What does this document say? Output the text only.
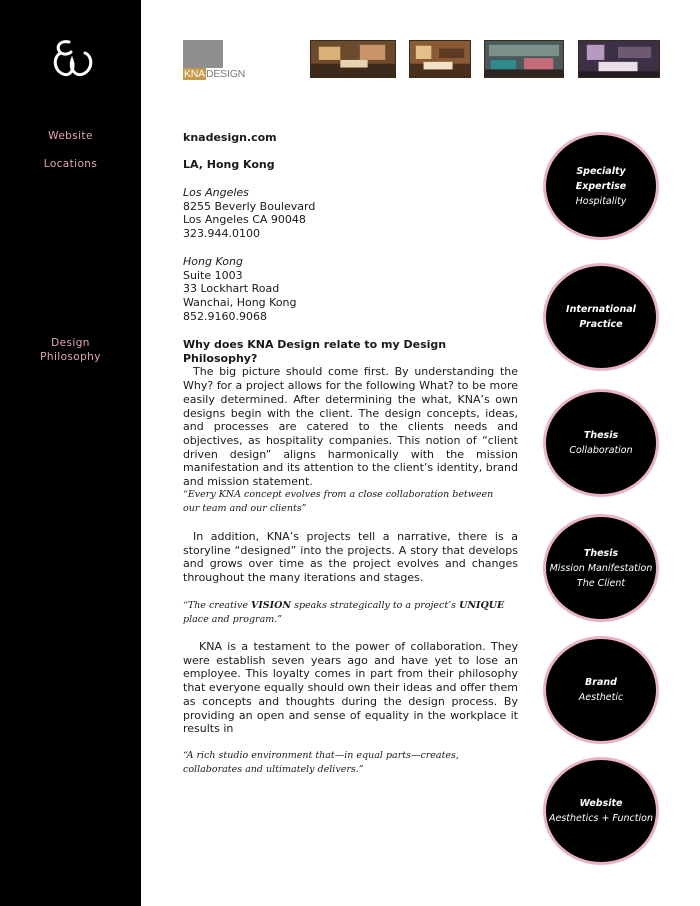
Website
Locations
Design
Philosophy
KNADESIGN
knadesign.com
LA, Hong Kong
Los Angeles
8255 Beverly Boulevard
Los Angeles CA 90048
323.944.0100
Hong Kong
Suite 1003
33 Lockhart Road
Wanchai, Hong Kong
852.9160.9068
Why does KNA Design relate to my Design Philosophy?

The big picture should come first. By understanding the Why? for a project allows for the following What? to be more easily determined. After determining the what, KNA’s own designs begin with the client. The design concepts, ideas, and processes are catered to the clients needs and objectives, as hospitality companies. This notion of “client driven design” aligns harmonically with the mission manifestation and its attention to the client’s identity, brand and mission statement.

“Every KNA concept evolves from a close collaboration between our team and our clients”

In addition, KNA’s projects tell a narrative, there is a storyline “designed” into the projects. A story that develops and grows over time as the project evolves and changes throughout the many iterations and stages.

“The creative VISION speaks strategically to a project’s UNIQUE place and program.”

KNA is a testament to the power of collaboration. They were establish seven years ago and have yet to lose an employee. This loyalty comes in part from their philosophy that everyone equally should own their ideas and offer them as concepts and thoughts during the design process. By providing an open and sense of equality in the workplace it results in

“A rich studio environment that—in equal parts—creates, collaborates and ultimately delivers.”
Specialty
Expertise
Hospitality
International
Practice
Thesis
Collaboration
Thesis
Mission Manifestation
The Client
Brand
Aesthetic
Website
Aesthetics + Function
